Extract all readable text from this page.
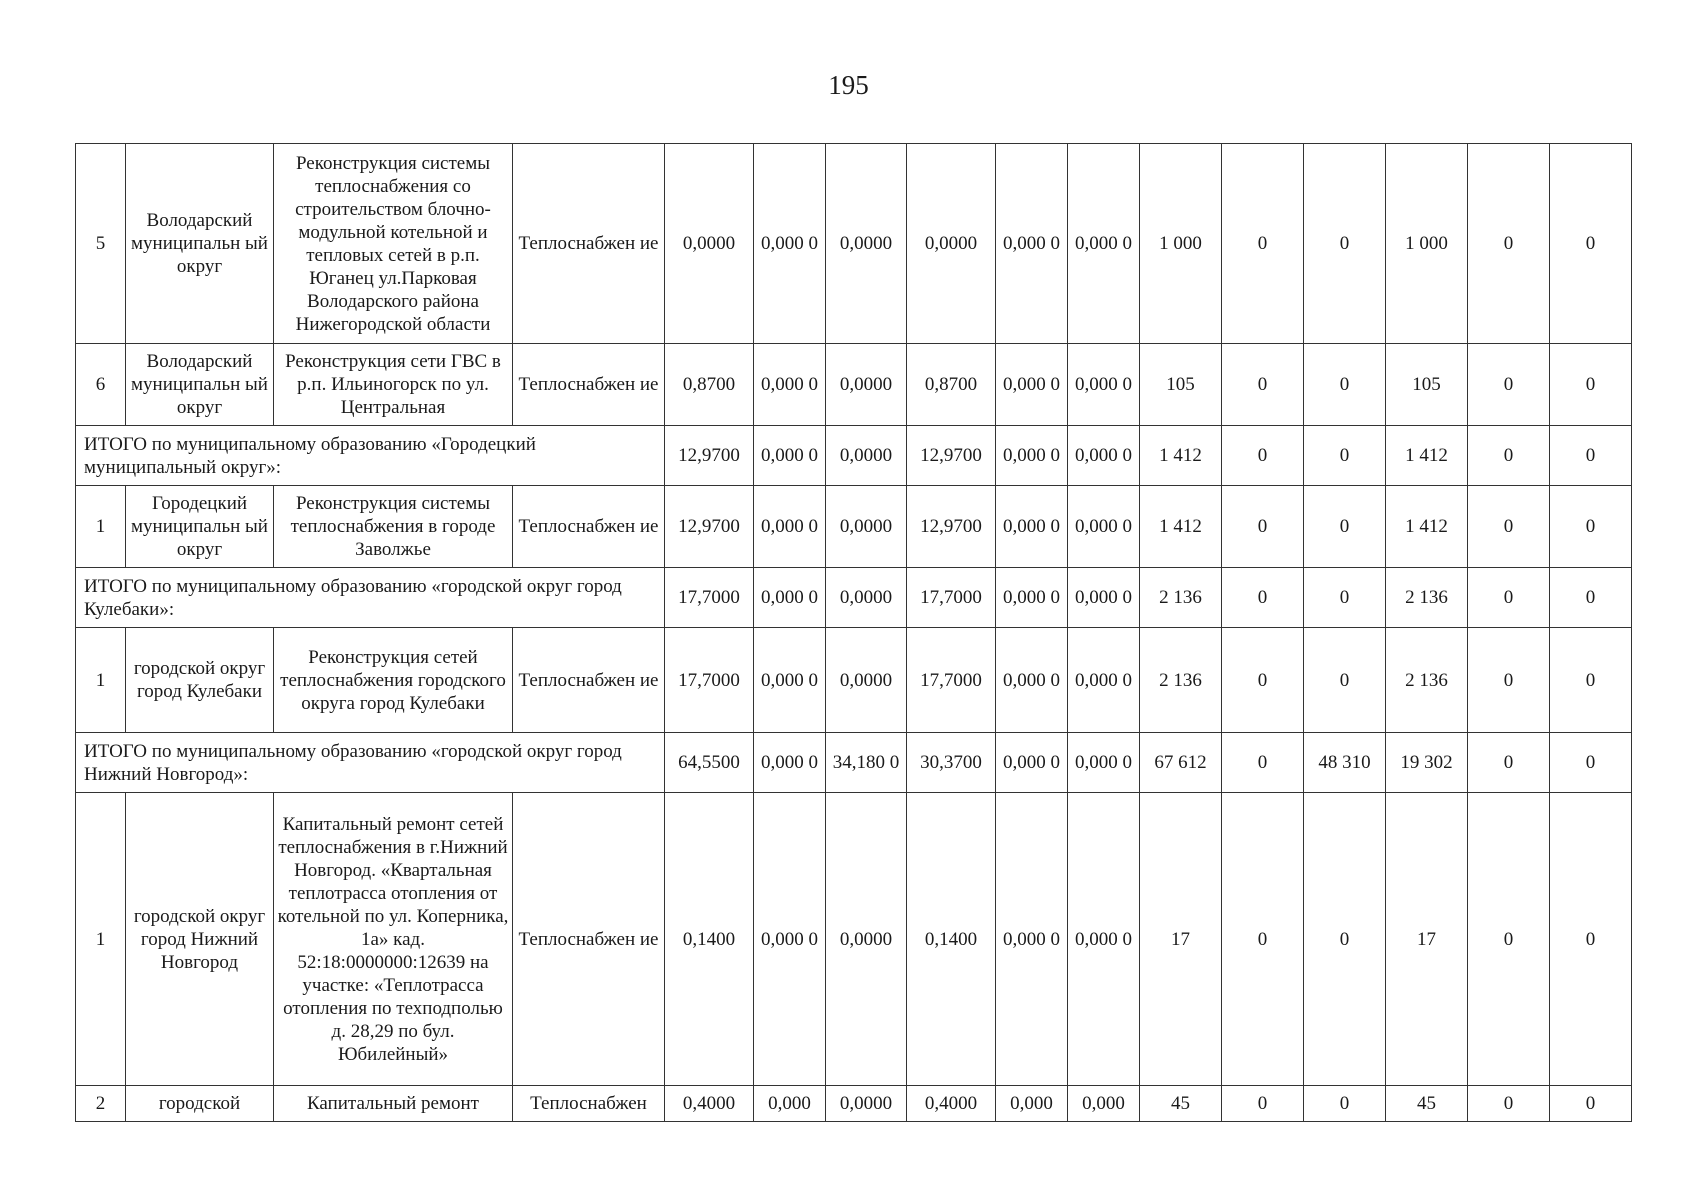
195
5	Володарский муниципальн ый округ	Реконструкция системы теплоснабжения со строительством блочно-модульной котельной и тепловых сетей в р.п. Юганец ул.Парковая Володарского района Нижегородской области	Теплоснабжен ие	0,0000	0,000 0	0,0000	0,0000	0,000 0	0,000 0	1 000	0	0	1 000	0	0
6	Володарский муниципальн ый округ	Реконструкция сети ГВС в р.п. Ильиногорск по ул. Центральная	Теплоснабжен ие	0,8700	0,000 0	0,0000	0,8700	0,000 0	0,000 0	105	0	0	105	0	0
ИТОГО по муниципальному образованию «Городецкий муниципальный округ»:				12,9700	0,000 0	0,0000	12,9700	0,000 0	0,000 0	1 412	0	0	1 412	0	0
1	Городецкий муниципальн ый округ	Реконструкция системы теплоснабжения в городе Заволжье	Теплоснабжен ие	12,9700	0,000 0	0,0000	12,9700	0,000 0	0,000 0	1 412	0	0	1 412	0	0
ИТОГО по муниципальному образованию «городской округ город Кулебаки»:				17,7000	0,000 0	0,0000	17,7000	0,000 0	0,000 0	2 136	0	0	2 136	0	0
1	городской округ город Кулебаки	Реконструкция сетей теплоснабжения городского округа город Кулебаки	Теплоснабжен ие	17,7000	0,000 0	0,0000	17,7000	0,000 0	0,000 0	2 136	0	0	2 136	0	0
ИТОГО по муниципальному образованию «городской округ город Нижний Новгород»:				64,5500	0,000 0	34,180 0	30,3700	0,000 0	0,000 0	67 612	0	48 310	19 302	0	0
1	городской округ город Нижний Новгород	Капитальный ремонт сетей теплоснабжения в г.Нижний Новгород. «Квартальная теплотрасса отопления от котельной по ул. Коперника, 1а» кад. 52:18:0000000:12639 на участке: «Теплотрасса отопления по техподполью д. 28,29 по бул. Юбилейный»	Теплоснабжен ие	0,1400	0,000 0	0,0000	0,1400	0,000 0	0,000 0	17	0	0	17	0	0
2	городской	Капитальный ремонт	Теплоснабжен	0,4000	0,000	0,0000	0,4000	0,000	0,000	45	0	0	45	0	0
